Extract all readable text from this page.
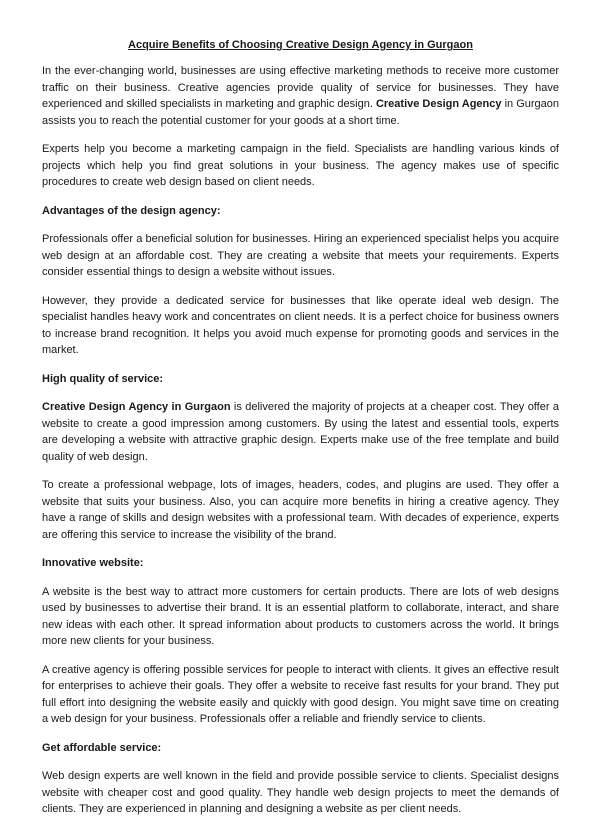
Acquire Benefits of Choosing Creative Design Agency in Gurgaon

In the ever-changing world, businesses are using effective marketing methods to receive more customer traffic on their business. Creative agencies provide quality of service for businesses. They have experienced and skilled specialists in marketing and graphic design. Creative Design Agency in Gurgaon assists you to reach the potential customer for your goods at a short time.

Experts help you become a marketing campaign in the field. Specialists are handling various kinds of projects which help you find great solutions in your business. The agency makes use of specific procedures to create web design based on client needs.

Advantages of the design agency:

Professionals offer a beneficial solution for businesses. Hiring an experienced specialist helps you acquire web design at an affordable cost. They are creating a website that meets your requirements. Experts consider essential things to design a website without issues.

However, they provide a dedicated service for businesses that like operate ideal web design. The specialist handles heavy work and concentrates on client needs. It is a perfect choice for business owners to increase brand recognition. It helps you avoid much expense for promoting goods and services in the market.

High quality of service:

Creative Design Agency in Gurgaon is delivered the majority of projects at a cheaper cost. They offer a website to create a good impression among customers. By using the latest and essential tools, experts are developing a website with attractive graphic design. Experts make use of the free template and build quality of web design.

To create a professional webpage, lots of images, headers, codes, and plugins are used. They offer a website that suits your business. Also, you can acquire more benefits in hiring a creative agency. They have a range of skills and design websites with a professional team. With decades of experience, experts are offering this service to increase the visibility of the brand.

Innovative website:

A website is the best way to attract more customers for certain products. There are lots of web designs used by businesses to advertise their brand. It is an essential platform to collaborate, interact, and share new ideas with each other. It spread information about products to customers across the world. It brings more new clients for your business.

A creative agency is offering possible services for people to interact with clients. It gives an effective result for enterprises to achieve their goals. They offer a website to receive fast results for your brand. They put full effort into designing the website easily and quickly with good design. You might save time on creating a web design for your business. Professionals offer a reliable and friendly service to clients.

Get affordable service:

Web design experts are well known in the field and provide possible service to clients. Specialist designs website with cheaper cost and good quality. They handle web design projects to meet the demands of clients. They are experienced in planning and designing a website as per client needs.
